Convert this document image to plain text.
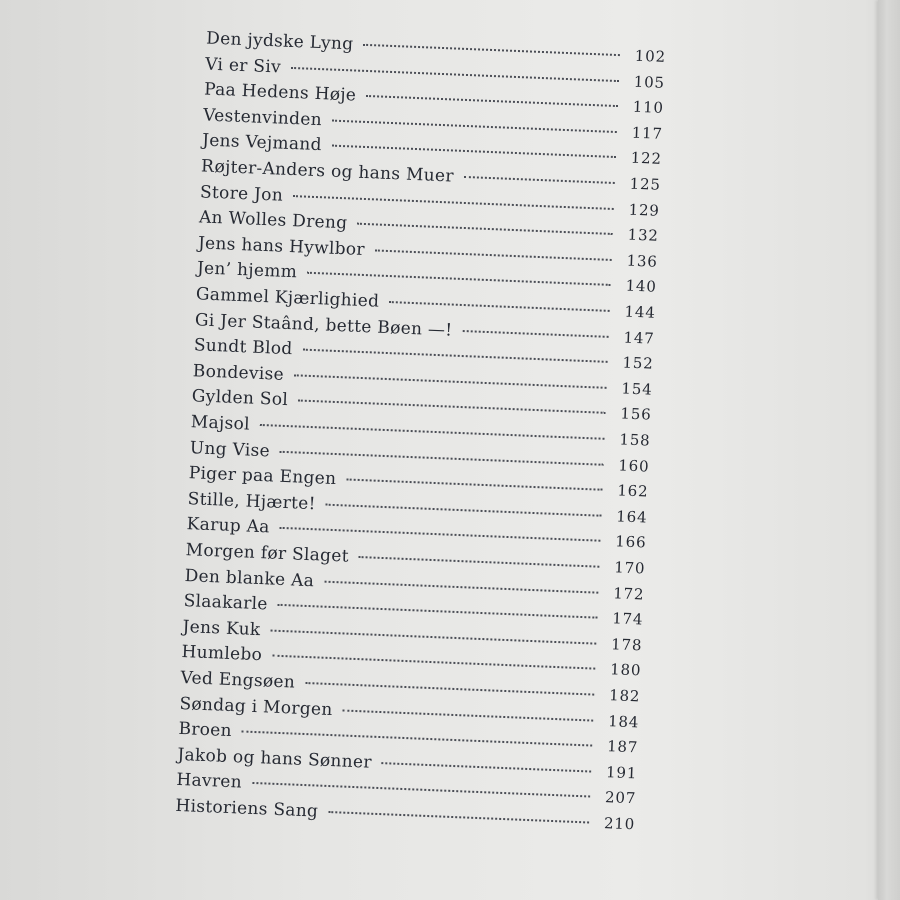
Den jydske Lyng
102
Vi er Siv
105
Paa Hedens Høje
110
Vestenvinden
117
Jens Vejmand
122
Røjter-Anders og hans Muer	125
Store Jon
129
An Wolles Dreng
132
Jens hans Hywlbor
136
Jen’ hjemm
140
Gammel Kjærlighied
144
Gi Jer Staând, bette Bøen —!	147
Sundt Blod
152
Bondevise
154
Gylden Sol
156
Majsol
158
Ung Vise
160
Piger paa Engen
162
Stille, Hjærte!
164
Karup Aa
166
Morgen før Slaget
170
Den blanke Aa
172
Slaakarle
174
Jens Kuk
178
Humlebo
180
Ved Engsøen
182
Søndag i Morgen
184
Broen
187
Jakob og hans Sønner
191
Havren
207
Historiens Sang
210
